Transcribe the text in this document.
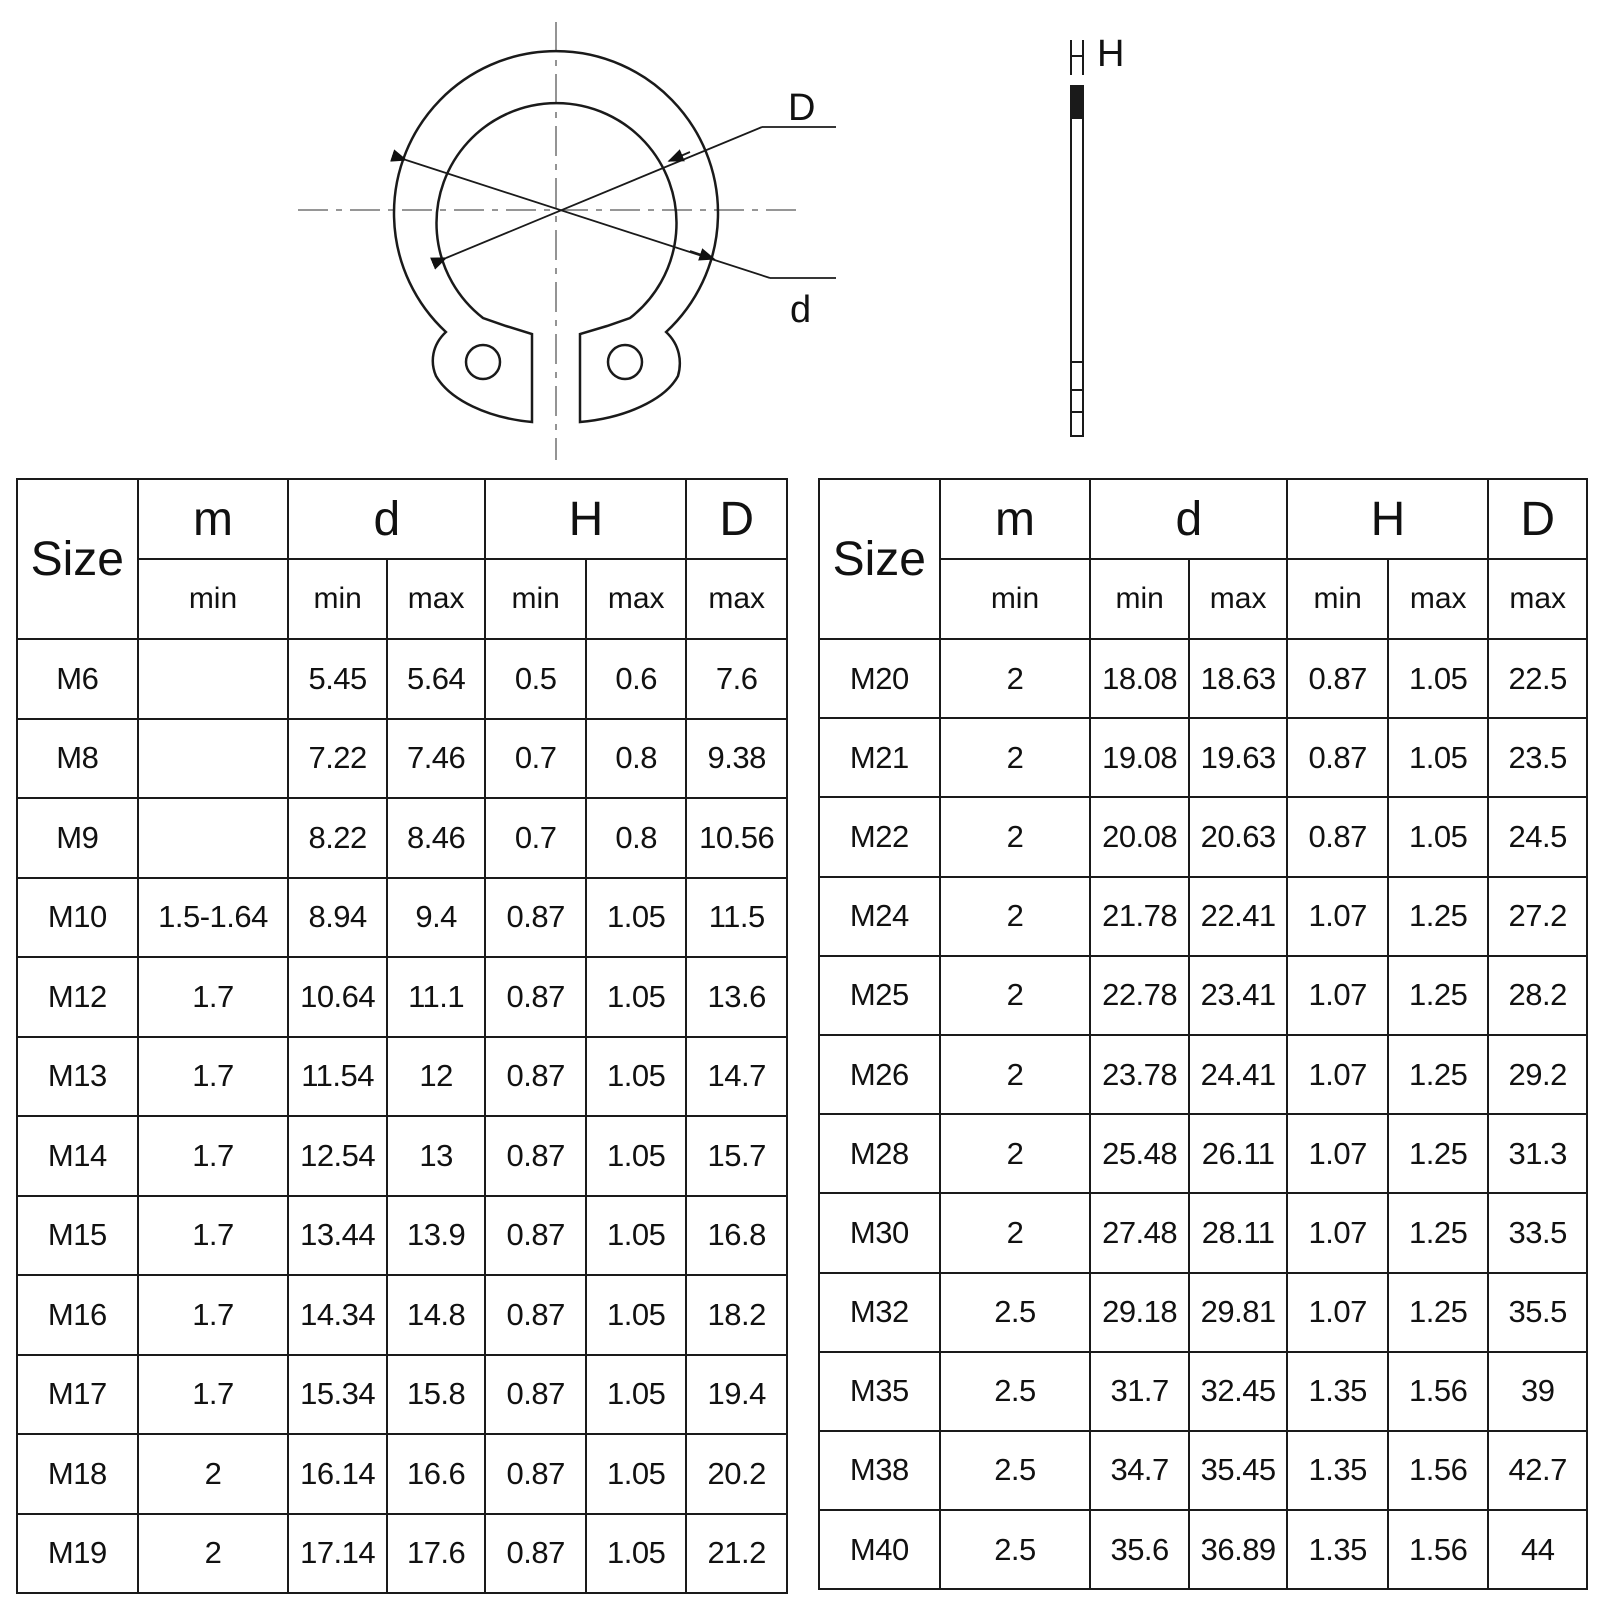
D
d
H
Size	m	d		H		D
	min	min	max	min	max	max
M6		5.45	5.64	0.5	0.6	7.6
M8		7.22	7.46	0.7	0.8	9.38
M9		8.22	8.46	0.7	0.8	10.56
M10	1.5-1.64	8.94	9.4	0.87	1.05	11.5
M12	1.7	10.64	11.1	0.87	1.05	13.6
M13	1.7	11.54	12	0.87	1.05	14.7
M14	1.7	12.54	13	0.87	1.05	15.7
M15	1.7	13.44	13.9	0.87	1.05	16.8
M16	1.7	14.34	14.8	0.87	1.05	18.2
M17	1.7	15.34	15.8	0.87	1.05	19.4
M18	2	16.14	16.6	0.87	1.05	20.2
M19	2	17.14	17.6	0.87	1.05	21.2
Size	m	d		H		D
	min	min	max	min	max	max
M20	2	18.08	18.63	0.87	1.05	22.5
M21	2	19.08	19.63	0.87	1.05	23.5
M22	2	20.08	20.63	0.87	1.05	24.5
M24	2	21.78	22.41	1.07	1.25	27.2
M25	2	22.78	23.41	1.07	1.25	28.2
M26	2	23.78	24.41	1.07	1.25	29.2
M28	2	25.48	26.11	1.07	1.25	31.3
M30	2	27.48	28.11	1.07	1.25	33.5
M32	2.5	29.18	29.81	1.07	1.25	35.5
M35	2.5	31.7	32.45	1.35	1.56	39
M38	2.5	34.7	35.45	1.35	1.56	42.7
M40	2.5	35.6	36.89	1.35	1.56	44
